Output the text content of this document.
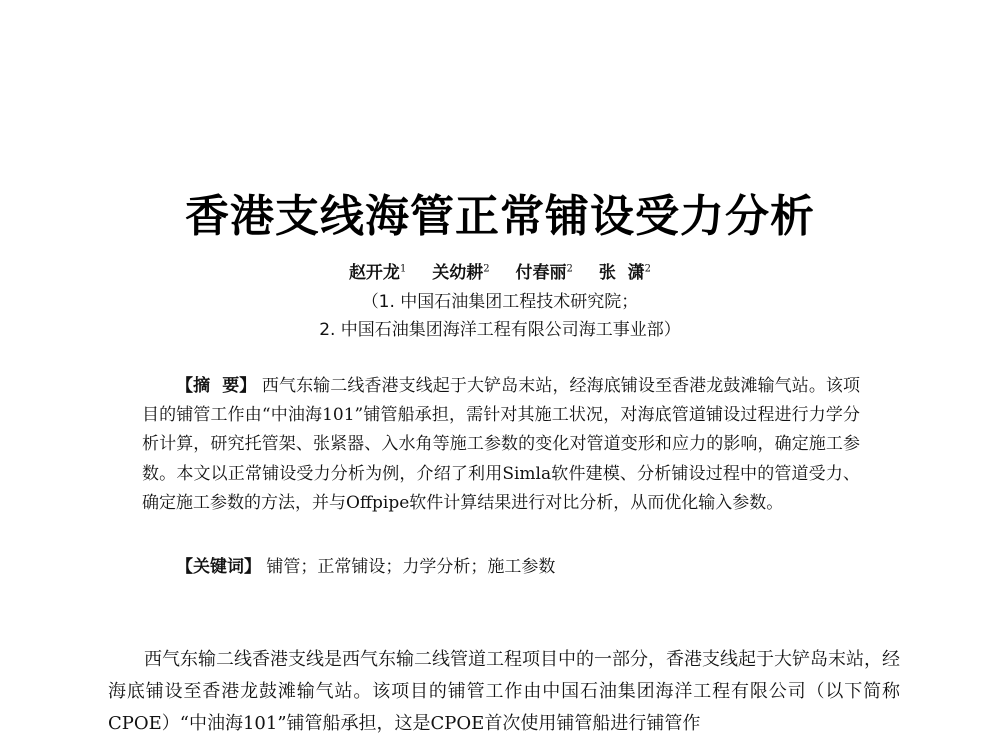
香港支线海管正常铺设受力分析
赵开龙$^1$ 关幼耕$^2$ 付春丽$^2$ 张  潇$^2$
（1. 中国石油集团工程技术研究院；
2. 中国石油集团海洋工程有限公司海工事业部）
【摘  要】 西气东输二线香港支线起于大铲岛末站，经海底铺设至香港龙鼓滩输气站。该项目的铺管工作由“中油海101”铺管船承担，需针对其施工状况，对海底管道铺设过程进行力学分析计算，研究托管架、张紧器、入水角等施工参数的变化对管道变形和应力的影响，确定施工参数。本文以正常铺设受力分析为例，介绍了利用Simla软件建模、分析铺设过程中的管道受力、确定施工参数的方法，并与Offpipe软件计算结果进行对比分析，从而优化输入参数。
【关键词】 铺管；正常铺设；力学分析；施工参数
西气东输二线香港支线是西气东输二线管道工程项目中的一部分，香港支线起于大铲岛末站，经海底铺设至香港龙鼓滩输气站。该项目的铺管工作由中国石油集团海洋工程有限公司（以下简称CPOE）“中油海101”铺管船承担，这是CPOE首次使用铺管船进行铺管作
